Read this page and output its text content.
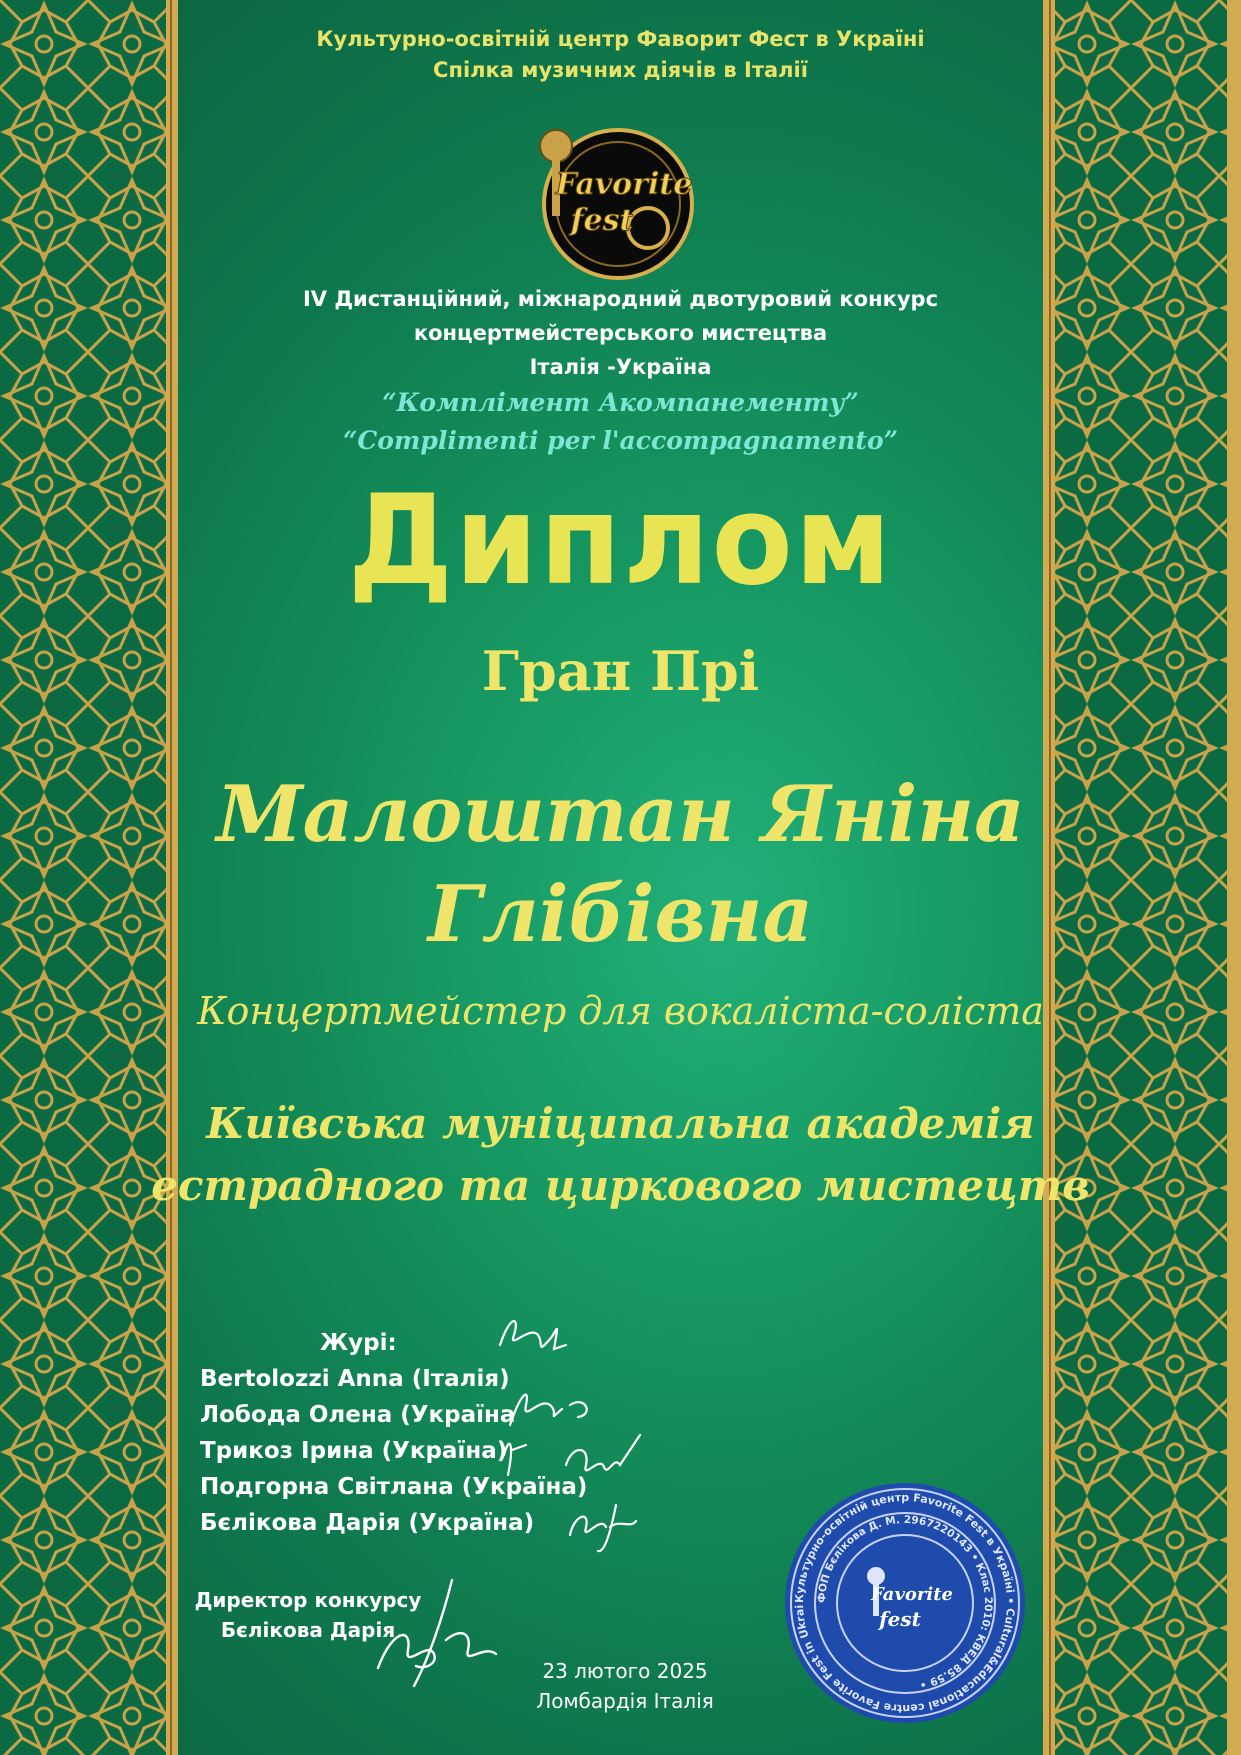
Культурно-освітній центр Фаворит Фест в Україні
Спілка музичних діячів в Італії
Favorite
fest
IV Дистанційний, міжнародний двотуровий конкурс
концертмейстерського мистецтва
Італія -Україна
“Комплімент Акомпанементу”
“Complimenti per l'accompagnamento”
Диплом
Гран Прі
Малоштан Яніна
Глібівна
Концертмейстер для вокаліста-соліста
Київська муніципальна академія
естрадного та циркового мистецтв
Журі:
Bertolozzi Anna (Італія)
Лобода Олена (Україна
Трикоз Ірина (Україна)
Подгорна Світлана (Україна)
Бєлікова Дарія (Україна)
Директор конкурсу
Бєлікова Дарія
23 лютого 2025
Ломбардія Італія
Культурно-освітній центр Favorite Fest в Україні • Cultural&Educational centre Favorite Fest in Ukrai
ФОП Бєлікова Д. М. 2967220143 • Клас 2010: КВЕД 85.59 •
Favorite
fest
